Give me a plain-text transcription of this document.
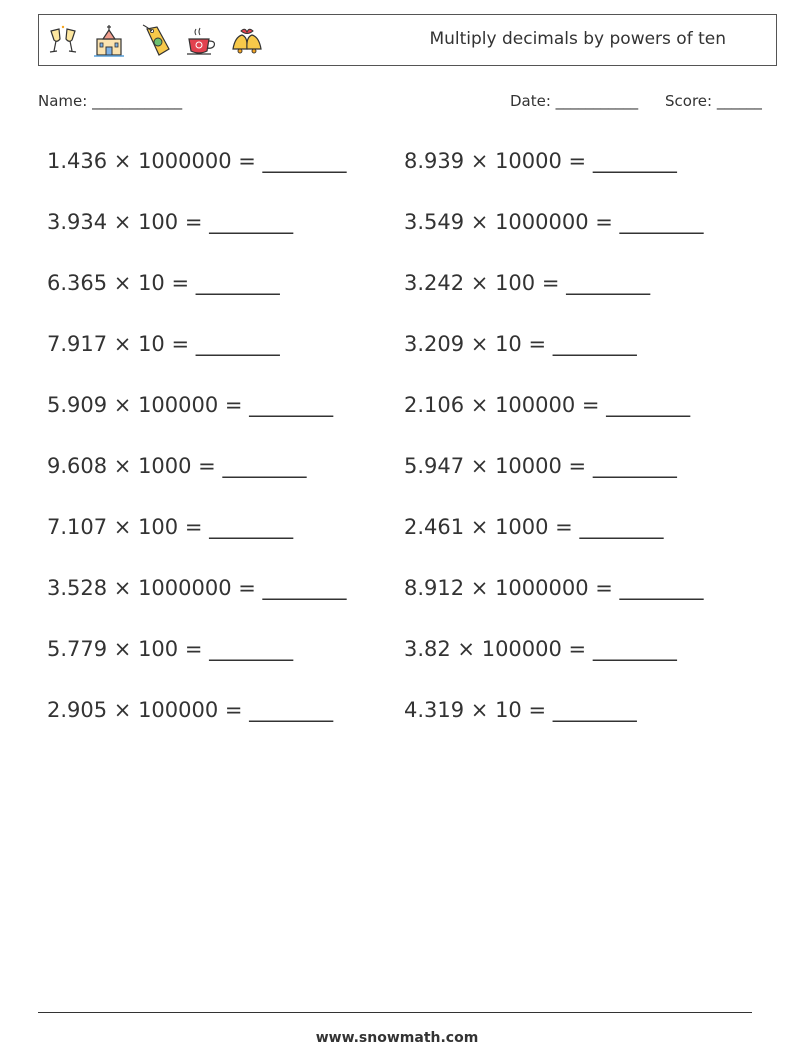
Multiply decimals by powers of ten
Name: ____________	Date: ___________ Score: ______
1.436 × 1000000 = ________
3.934 × 100 = ________
6.365 × 10 = ________
7.917 × 10 = ________
5.909 × 100000 = ________
9.608 × 1000 = ________
7.107 × 100 = ________
3.528 × 1000000 = ________
5.779 × 100 = ________
2.905 × 100000 = ________
8.939 × 10000 = ________
3.549 × 1000000 = ________
3.242 × 100 = ________
3.209 × 10 = ________
2.106 × 100000 = ________
5.947 × 10000 = ________
2.461 × 1000 = ________
8.912 × 1000000 = ________
3.82 × 100000 = ________
4.319 × 10 = ________
www.snowmath.com
